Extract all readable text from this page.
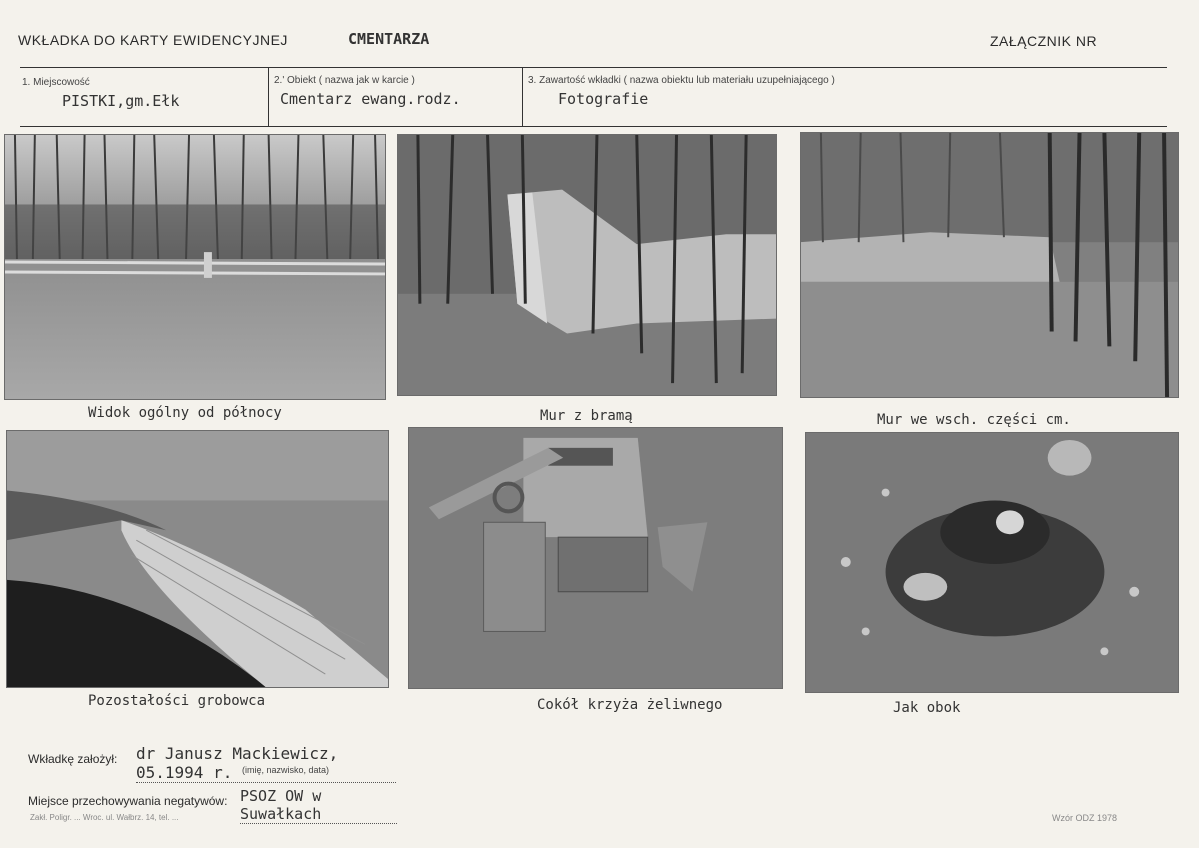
WKŁADKA DO KARTY EWIDENCYJNEJ	CMENTARZA	ZAŁĄCZNIK NR
1. Miejscowość
PISTKI,gm.Ełk
2.' Obiekt ( nazwa jak w karcie )
Cmentarz ewang.rodz.
3. Zawartość wkładki ( nazwa obiektu lub materiału uzupełniającego )
Fotografie
Widok ogólny od północy	Mur z bramą	Mur we wsch. części cm.
Pozostałości grobowca	Cokół krzyża żeliwnego	Jak obok
Wkładkę założył: dr Janusz Mackiewicz, 05.1994 r.	(imię, nazwisko, data)
Miejsce przechowywania negatywów: PSOZ OW w Suwałkach
Zakł. Poligr. ... Wroc. ul. Wałbrz. 14, tel. ...	Wzór ODZ 1978
